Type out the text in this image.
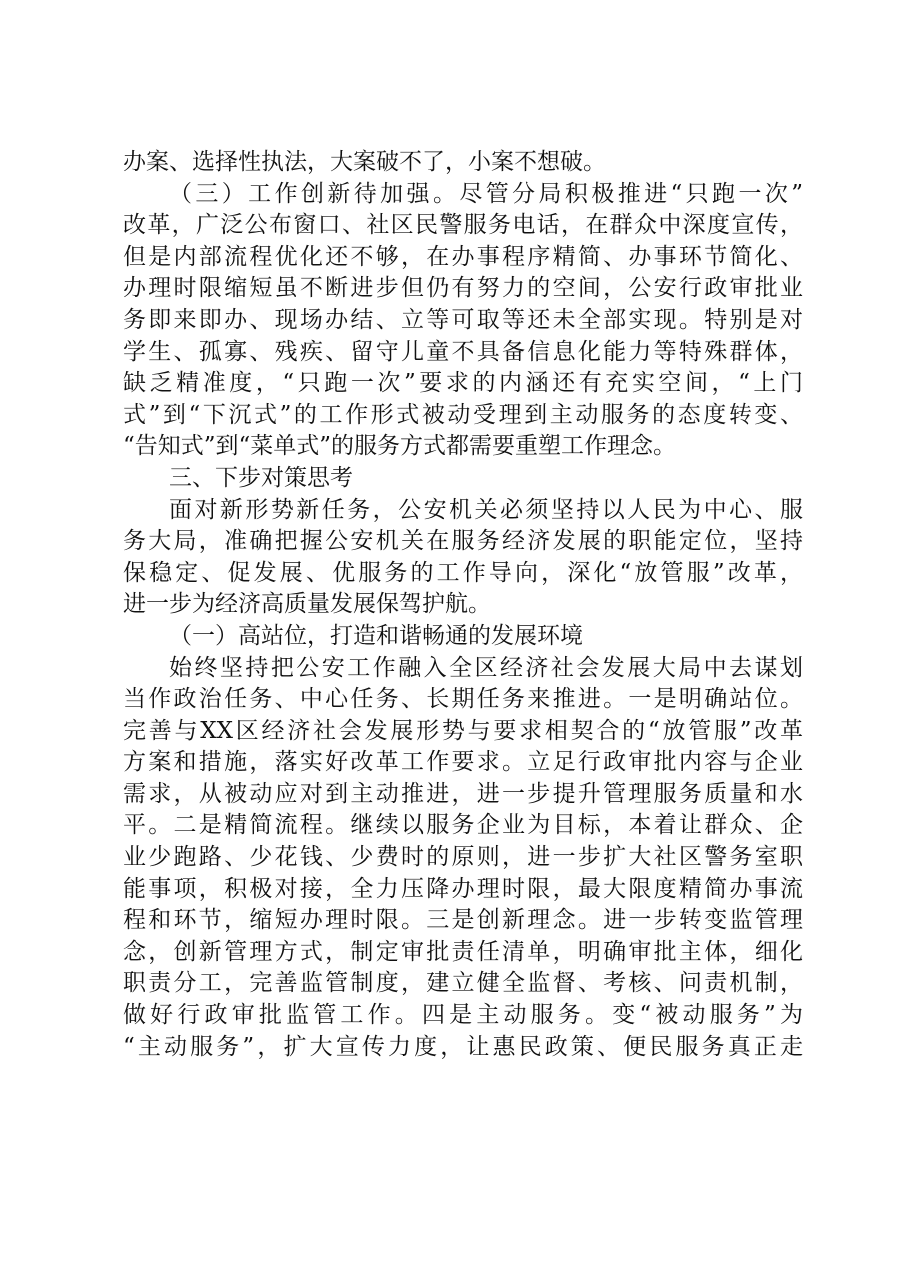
办案、选择性执法，大案破不了，小案不想破。
（三）工作创新待加强。尽管分局积极推进“只跑一次”
改革，广泛公布窗口、社区民警服务电话，在群众中深度宣传，
但是内部流程优化还不够，在办事程序精简、办事环节简化、
办理时限缩短虽不断进步但仍有努力的空间，公安行政审批业
务即来即办、现场办结、立等可取等还未全部实现。特别是对
学生、孤寡、残疾、留守儿童不具备信息化能力等特殊群体，
缺乏精准度，“只跑一次”要求的内涵还有充实空间，“上门
式”到“下沉式”的工作形式被动受理到主动服务的态度转变、
“告知式”到“菜单式”的服务方式都需要重塑工作理念。
三、下步对策思考
面对新形势新任务，公安机关必须坚持以人民为中心、服
务大局，准确把握公安机关在服务经济发展的职能定位，坚持
保稳定、促发展、优服务的工作导向，深化“放管服”改革，
进一步为经济高质量发展保驾护航。
（一）高站位，打造和谐畅通的发展环境
始终坚持把公安工作融入全区经济社会发展大局中去谋划
当作政治任务、中心任务、长期任务来推进。一是明确站位。
完善与XX区经济社会发展形势与要求相契合的“放管服”改革
方案和措施，落实好改革工作要求。立足行政审批内容与企业
需求，从被动应对到主动推进，进一步提升管理服务质量和水
平。二是精简流程。继续以服务企业为目标，本着让群众、企
业少跑路、少花钱、少费时的原则，进一步扩大社区警务室职
能事项，积极对接，全力压降办理时限，最大限度精简办事流
程和环节，缩短办理时限。三是创新理念。进一步转变监管理
念，创新管理方式，制定审批责任清单，明确审批主体，细化
职责分工，完善监管制度，建立健全监督、考核、问责机制，
做好行政审批监管工作。四是主动服务。变“被动服务”为
“主动服务”，扩大宣传力度，让惠民政策、便民服务真正走
